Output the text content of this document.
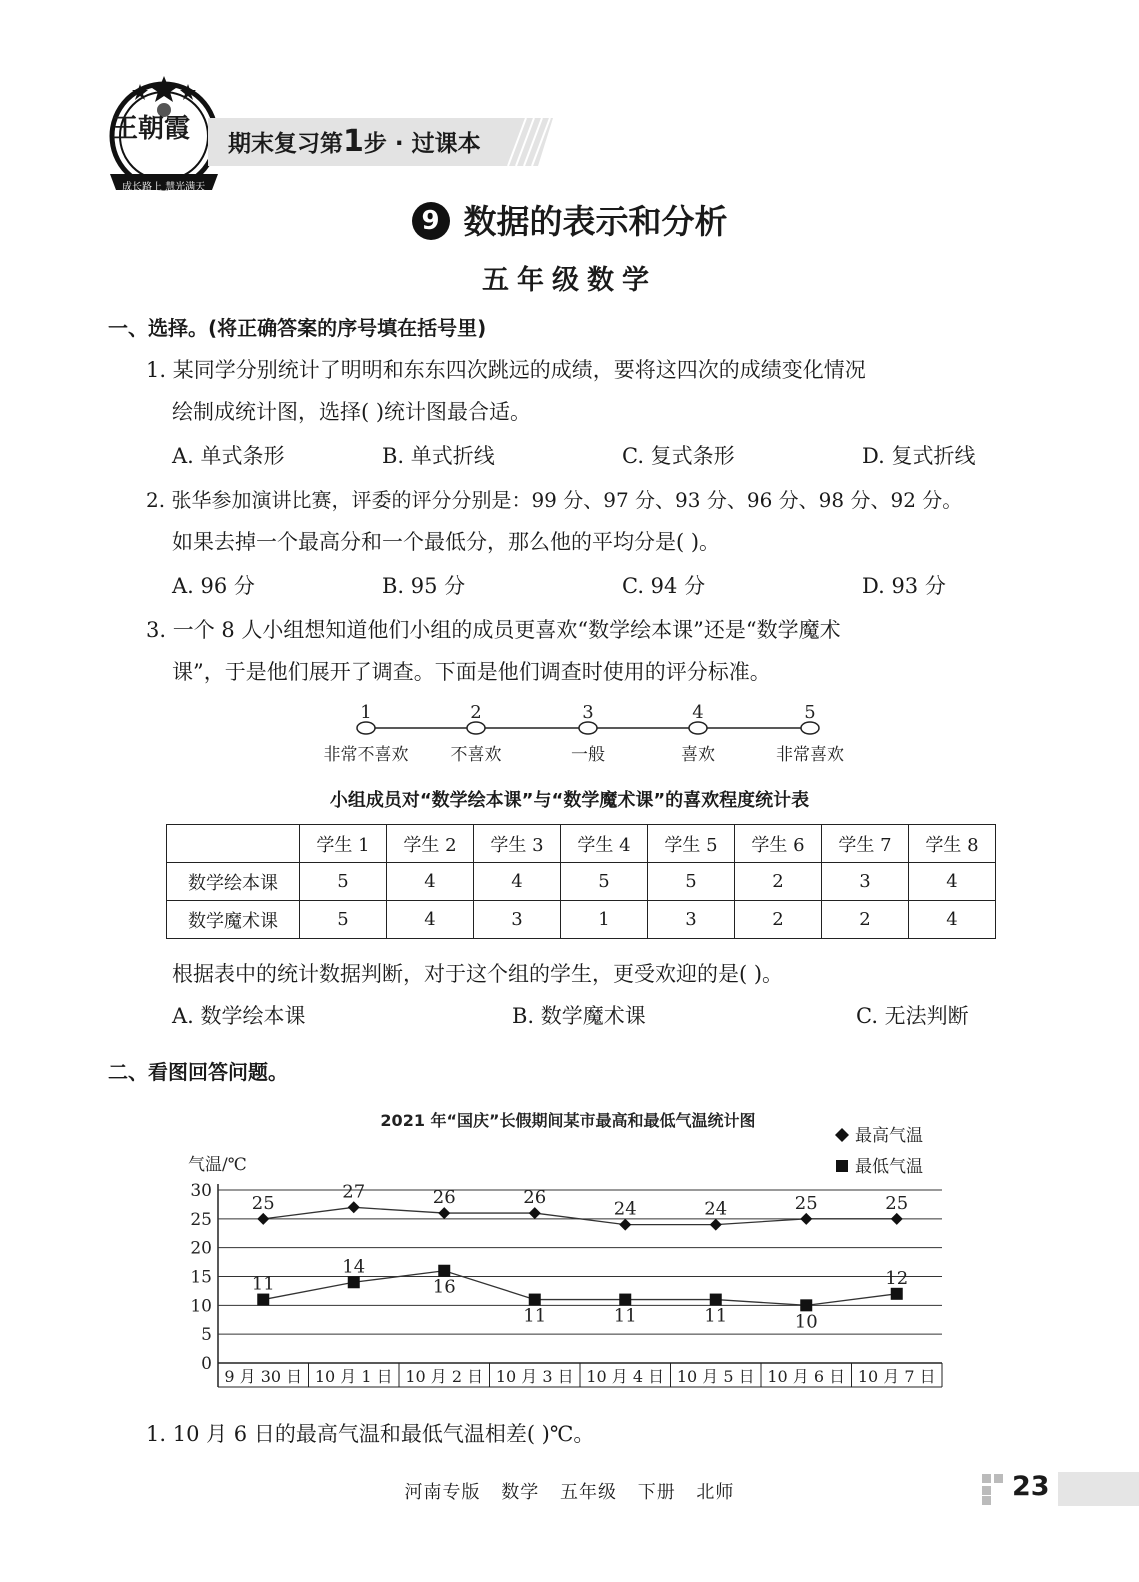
王朝霞
成长路上 慧光满天
期末复习第1步 · 过课本
9 数据的表示和分析
五年级数学
一、选择。(将正确答案的序号填在括号里)
1. 某同学分别统计了明明和东东四次跳远的成绩，要将这四次的成绩变化情况
绘制成统计图，选择( )统计图最合适。
A. 单式条形	B. 单式折线	C. 复式条形	D. 复式折线
2. 张华参加演讲比赛，评委的评分分别是：99 分、97 分、93 分、96 分、98 分、92 分。
如果去掉一个最高分和一个最低分，那么他的平均分是( )。
A. 96 分	B. 95 分	C. 94 分	D. 93 分
3. 一个 8 人小组想知道他们小组的成员更喜欢“数学绘本课”还是“数学魔术
课”，于是他们展开了调查。下面是他们调查时使用的评分标准。
1	2	3	4	5
非常不喜欢 不喜欢	一般	喜欢	非常喜欢
小组成员对“数学绘本课”与“数学魔术课”的喜欢程度统计表
	学生 1	学生 2	学生 3	学生 4	学生 5	学生 6	学生 7	学生 8
数学绘本课	5	4	4	5	5	2	3	4
数学魔术课	5	4	3	1	3	2	2	4
根据表中的统计数据判断，对于这个组的学生，更受欢迎的是( )。
A. 数学绘本课	B. 数学魔术课	C. 无法判断
二、看图回答问题。
2021 年“国庆”长假期间某市最高和最低气温统计图
气温/℃
最高气温
最低气温
0
5
10
15
20
25
30
9 月 30 日 10 月 1 日 10 月 2 日 10 月 3 日 10 月 4 日 10 月 5 日 10 月 6 日 10 月 7 日
25
27	26	26
24	24	25	25
11
14
16
11	11	11	10
12
1. 10 月 6 日的最高气温和最低气温相差( )℃。
河南专版 数学 五年级 下册 北师	23
